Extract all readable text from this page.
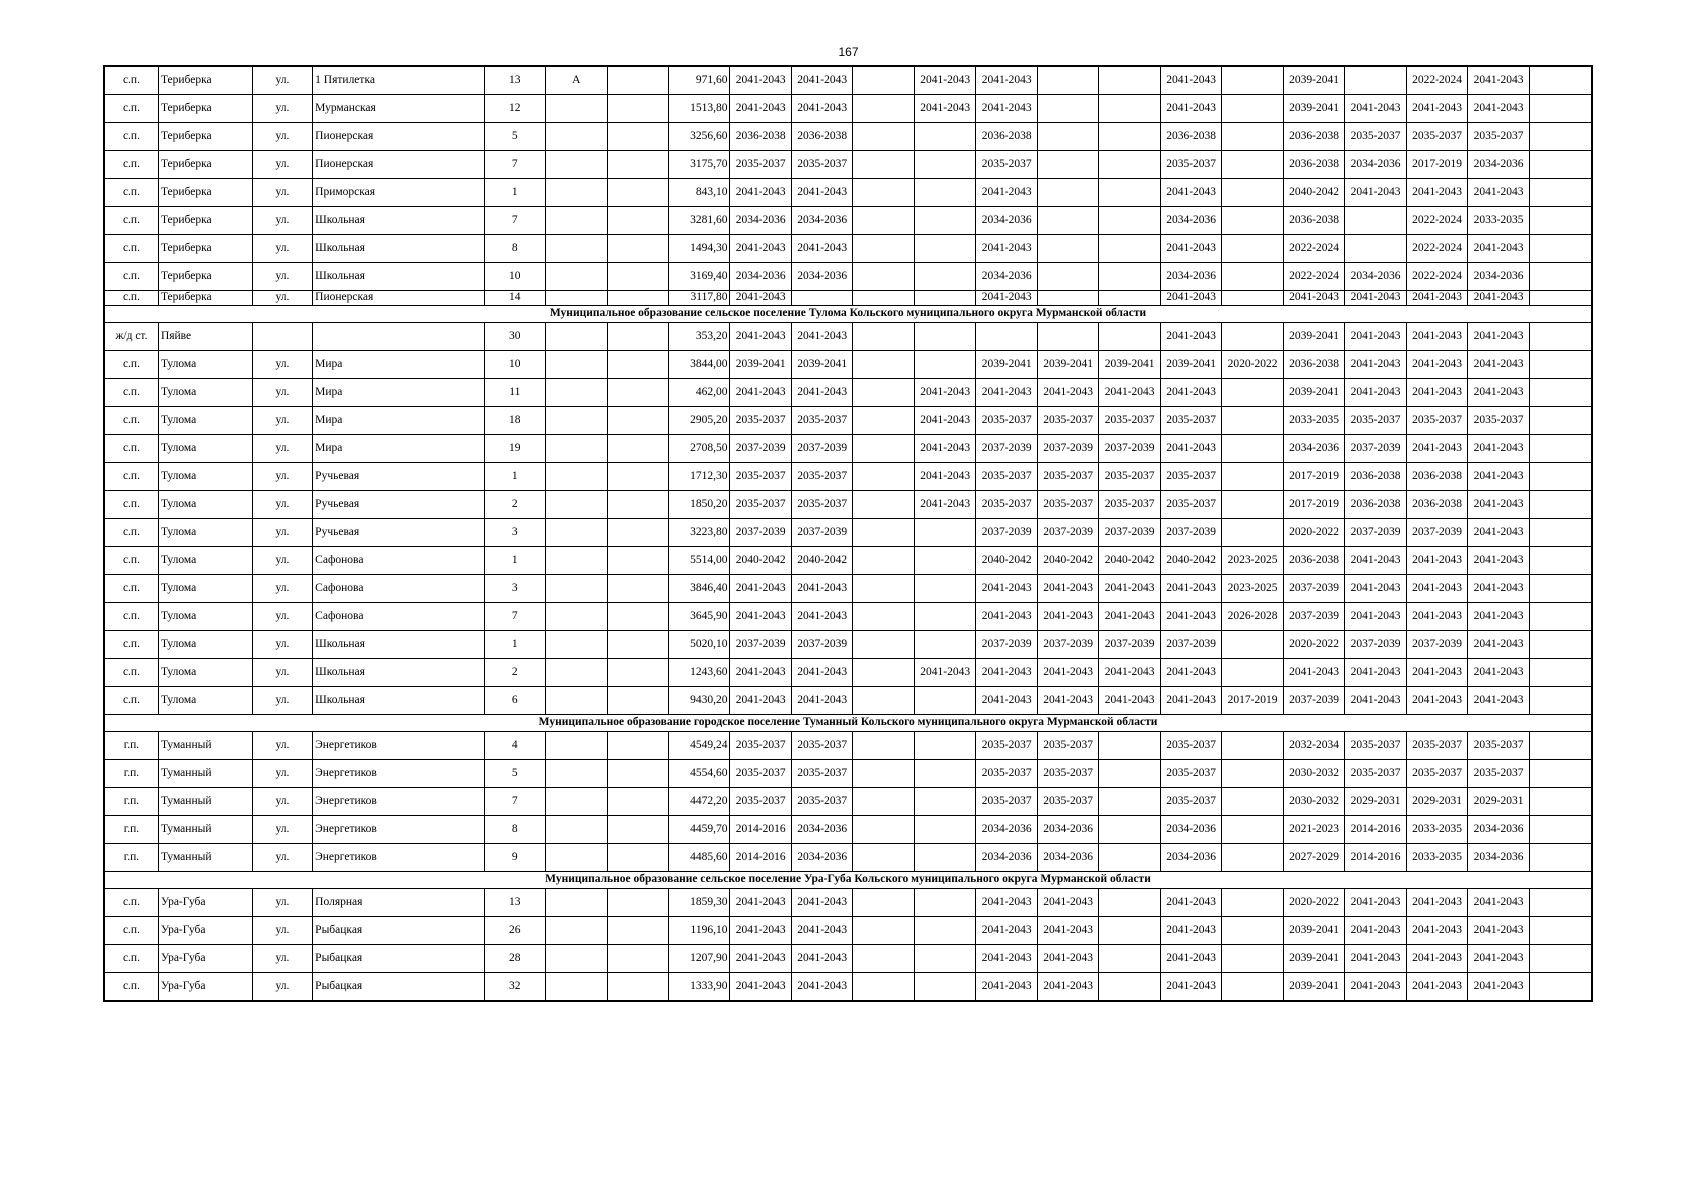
167
с.п.	Териберка	ул.	1 Пятилетка	13	А		971,60	2041-2043	2041-2043		2041-2043	2041-2043			2041-2043		2039-2041		2022-2024	2041-2043	
с.п.	Териберка	ул.	Мурманская	12			1513,80	2041-2043	2041-2043		2041-2043	2041-2043			2041-2043		2039-2041	2041-2043	2041-2043	2041-2043	
с.п.	Териберка	ул.	Пионерская	5			3256,60	2036-2038	2036-2038			2036-2038			2036-2038		2036-2038	2035-2037	2035-2037	2035-2037	
с.п.	Териберка	ул.	Пионерская	7			3175,70	2035-2037	2035-2037			2035-2037			2035-2037		2036-2038	2034-2036	2017-2019	2034-2036	
с.п.	Териберка	ул.	Приморская	1			843,10	2041-2043	2041-2043			2041-2043			2041-2043		2040-2042	2041-2043	2041-2043	2041-2043	
с.п.	Териберка	ул.	Школьная	7			3281,60	2034-2036	2034-2036			2034-2036			2034-2036		2036-2038		2022-2024	2033-2035	
с.п.	Териберка	ул.	Школьная	8			1494,30	2041-2043	2041-2043			2041-2043			2041-2043		2022-2024		2022-2024	2041-2043	
с.п.	Териберка	ул.	Школьная	10			3169,40	2034-2036	2034-2036			2034-2036			2034-2036		2022-2024	2034-2036	2022-2024	2034-2036	
с.п.	Териберка	ул.	Пионерская	14			3117,80	2041-2043				2041-2043			2041-2043		2041-2043	2041-2043	2041-2043	2041-2043	
Муниципальное образование сельское поселение Тулома Кольского муниципального округа Мурманской области																					
ж/д ст.	Пяйве			30			353,20	2041-2043	2041-2043						2041-2043		2039-2041	2041-2043	2041-2043	2041-2043	
с.п.	Тулома	ул.	Мира	10			3844,00	2039-2041	2039-2041			2039-2041	2039-2041	2039-2041	2039-2041	2020-2022	2036-2038	2041-2043	2041-2043	2041-2043	
с.п.	Тулома	ул.	Мира	11			462,00	2041-2043	2041-2043		2041-2043	2041-2043	2041-2043	2041-2043	2041-2043		2039-2041	2041-2043	2041-2043	2041-2043	
с.п.	Тулома	ул.	Мира	18			2905,20	2035-2037	2035-2037		2041-2043	2035-2037	2035-2037	2035-2037	2035-2037		2033-2035	2035-2037	2035-2037	2035-2037	
с.п.	Тулома	ул.	Мира	19			2708,50	2037-2039	2037-2039		2041-2043	2037-2039	2037-2039	2037-2039	2041-2043		2034-2036	2037-2039	2041-2043	2041-2043	
с.п.	Тулома	ул.	Ручьевая	1			1712,30	2035-2037	2035-2037		2041-2043	2035-2037	2035-2037	2035-2037	2035-2037		2017-2019	2036-2038	2036-2038	2041-2043	
с.п.	Тулома	ул.	Ручьевая	2			1850,20	2035-2037	2035-2037		2041-2043	2035-2037	2035-2037	2035-2037	2035-2037		2017-2019	2036-2038	2036-2038	2041-2043	
с.п.	Тулома	ул.	Ручьевая	3			3223,80	2037-2039	2037-2039			2037-2039	2037-2039	2037-2039	2037-2039		2020-2022	2037-2039	2037-2039	2041-2043	
с.п.	Тулома	ул.	Сафонова	1			5514,00	2040-2042	2040-2042			2040-2042	2040-2042	2040-2042	2040-2042	2023-2025	2036-2038	2041-2043	2041-2043	2041-2043	
с.п.	Тулома	ул.	Сафонова	3			3846,40	2041-2043	2041-2043			2041-2043	2041-2043	2041-2043	2041-2043	2023-2025	2037-2039	2041-2043	2041-2043	2041-2043	
с.п.	Тулома	ул.	Сафонова	7			3645,90	2041-2043	2041-2043			2041-2043	2041-2043	2041-2043	2041-2043	2026-2028	2037-2039	2041-2043	2041-2043	2041-2043	
с.п.	Тулома	ул.	Школьная	1			5020,10	2037-2039	2037-2039			2037-2039	2037-2039	2037-2039	2037-2039		2020-2022	2037-2039	2037-2039	2041-2043	
с.п.	Тулома	ул.	Школьная	2			1243,60	2041-2043	2041-2043		2041-2043	2041-2043	2041-2043	2041-2043	2041-2043		2041-2043	2041-2043	2041-2043	2041-2043	
с.п.	Тулома	ул.	Школьная	6			9430,20	2041-2043	2041-2043			2041-2043	2041-2043	2041-2043	2041-2043	2017-2019	2037-2039	2041-2043	2041-2043	2041-2043	
Муниципальное образование городское поселение Туманный Кольского муниципального округа Мурманской области																					
г.п.	Туманный	ул.	Энергетиков	4			4549,24	2035-2037	2035-2037			2035-2037	2035-2037		2035-2037		2032-2034	2035-2037	2035-2037	2035-2037	
г.п.	Туманный	ул.	Энергетиков	5			4554,60	2035-2037	2035-2037			2035-2037	2035-2037		2035-2037		2030-2032	2035-2037	2035-2037	2035-2037	
г.п.	Туманный	ул.	Энергетиков	7			4472,20	2035-2037	2035-2037			2035-2037	2035-2037		2035-2037		2030-2032	2029-2031	2029-2031	2029-2031	
г.п.	Туманный	ул.	Энергетиков	8			4459,70	2014-2016	2034-2036			2034-2036	2034-2036		2034-2036		2021-2023	2014-2016	2033-2035	2034-2036	
г.п.	Туманный	ул.	Энергетиков	9			4485,60	2014-2016	2034-2036			2034-2036	2034-2036		2034-2036		2027-2029	2014-2016	2033-2035	2034-2036	
Муниципальное образование сельское поселение Ура-Губа Кольского муниципального округа Мурманской области																					
с.п.	Ура-Губа	ул.	Полярная	13			1859,30	2041-2043	2041-2043			2041-2043	2041-2043		2041-2043		2020-2022	2041-2043	2041-2043	2041-2043	
с.п.	Ура-Губа	ул.	Рыбацкая	26			1196,10	2041-2043	2041-2043			2041-2043	2041-2043		2041-2043		2039-2041	2041-2043	2041-2043	2041-2043	
с.п.	Ура-Губа	ул.	Рыбацкая	28			1207,90	2041-2043	2041-2043			2041-2043	2041-2043		2041-2043		2039-2041	2041-2043	2041-2043	2041-2043	
с.п.	Ура-Губа	ул.	Рыбацкая	32			1333,90	2041-2043	2041-2043			2041-2043	2041-2043		2041-2043		2039-2041	2041-2043	2041-2043	2041-2043	
